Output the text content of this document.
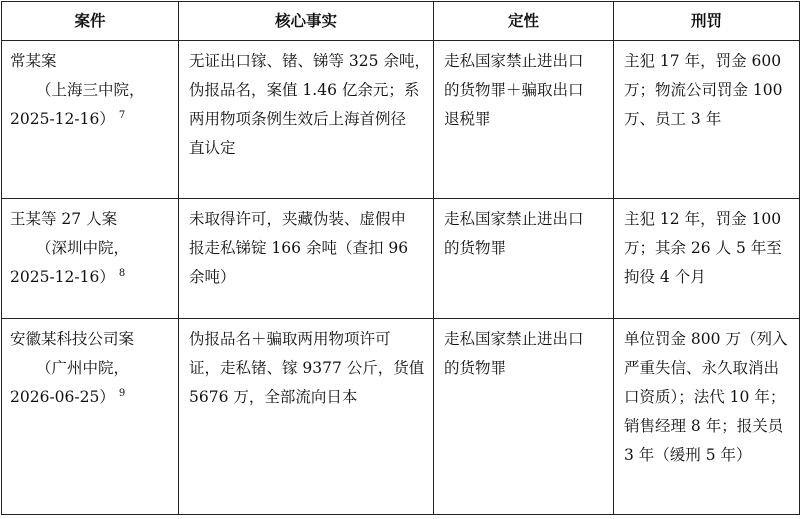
案件	核心事实	定性	刑罚

常某案
（上海三中院，
2025-12-16） $^7$	无证出口镓、锗、锑等 325 余吨，
伪报品名，案值 1.46 亿余元；系
两用物项条例生效后上海首例径
直认定	走私国家禁止进出口
的货物罪＋骗取出口
退税罪	主犯 17 年，罚金 600
万；物流公司罚金 100
万、员工 3 年

王某等 27 人案
（深圳中院，
2025-12-16） $^8$	未取得许可，夹藏伪装、虚假申
报走私锑锭 166 余吨（查扣 96
余吨）	走私国家禁止进出口
的货物罪	主犯 12 年，罚金 100
万；其余 26 人 5 年至
拘役 4 个月

安徽某科技公司案
（广州中院，
2026-06-25） $^9$	伪报品名＋骗取两用物项许可
证，走私锗、镓 9377 公斤，货值
5676 万，全部流向日本	走私国家禁止进出口
的货物罪	单位罚金 800 万（列入
严重失信、永久取消出
口资质）；法代 10 年；
销售经理 8 年；报关员
3 年（缓刑 5 年）
